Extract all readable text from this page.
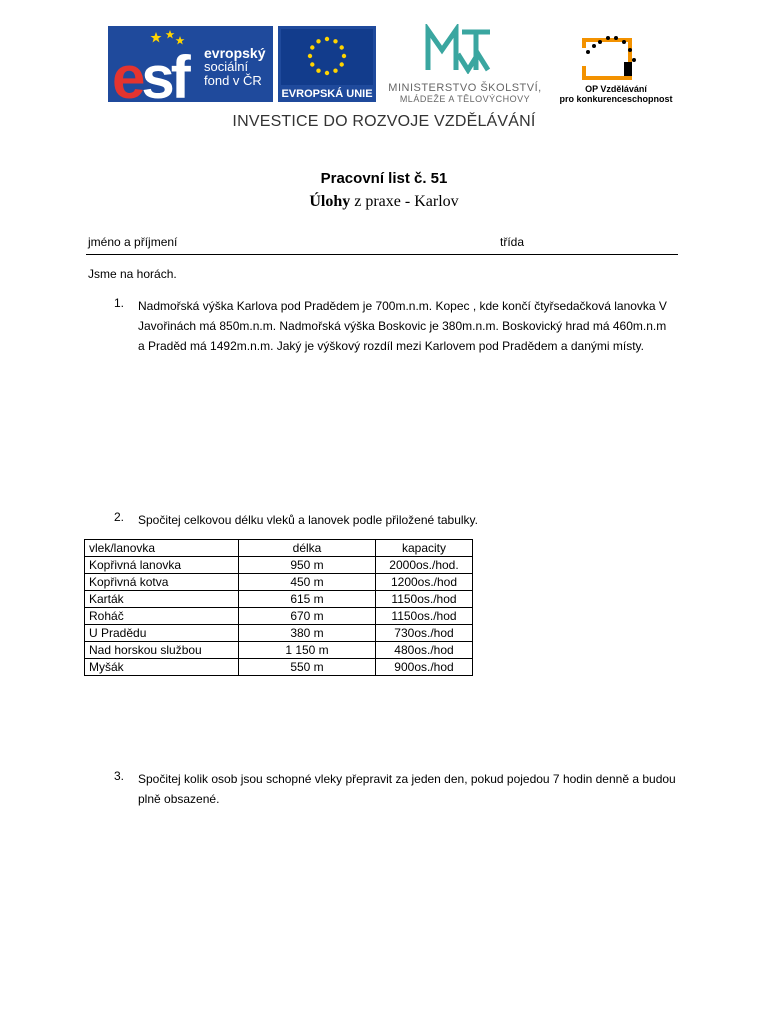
esf evropský
sociální
fond v ČR
EVROPSKÁ UNIE	MINISTERSTVO ŠKOLSTVÍ,
MLÁDEŽE A TĚLOVÝCHOVY
OP Vzdělávání
pro konkurenceschopnost
INVESTICE DO ROZVOJE VZDĚLÁVÁNÍ
Pracovní list č. 51
Úlohy z praxe - Karlov
jméno a příjmení	třída
Jsme na horách.
1.	Nadmořská výška Karlova pod Pradědem je 700m.n.m. Kopec , kde končí čtyřsedačková lanovka V Javořinách má 850m.n.m. Nadmořská výška Boskovic je 380m.n.m. Boskovický hrad má 460m.n.m a Praděd má 1492m.n.m. Jaký je výškový rozdíl mezi Karlovem pod Pradědem a danými místy.
2.	Spočitej celkovou délku vleků a lanovek podle přiložené tabulky.
vlek/lanovka	délka	kapacity
Kopřivná lanovka	950 m	2000os./hod.
Kopřivná kotva	450 m	1200os./hod
Karták	615 m	1150os./hod
Roháč	670 m	1150os./hod
U Pradědu	380 m	730os./hod
Nad horskou službou	1 150 m	480os./hod
Myšák	550 m	900os./hod
3.	Spočitej kolik osob jsou schopné vleky přepravit za jeden den, pokud pojedou 7 hodin denně a budou plně obsazené.
